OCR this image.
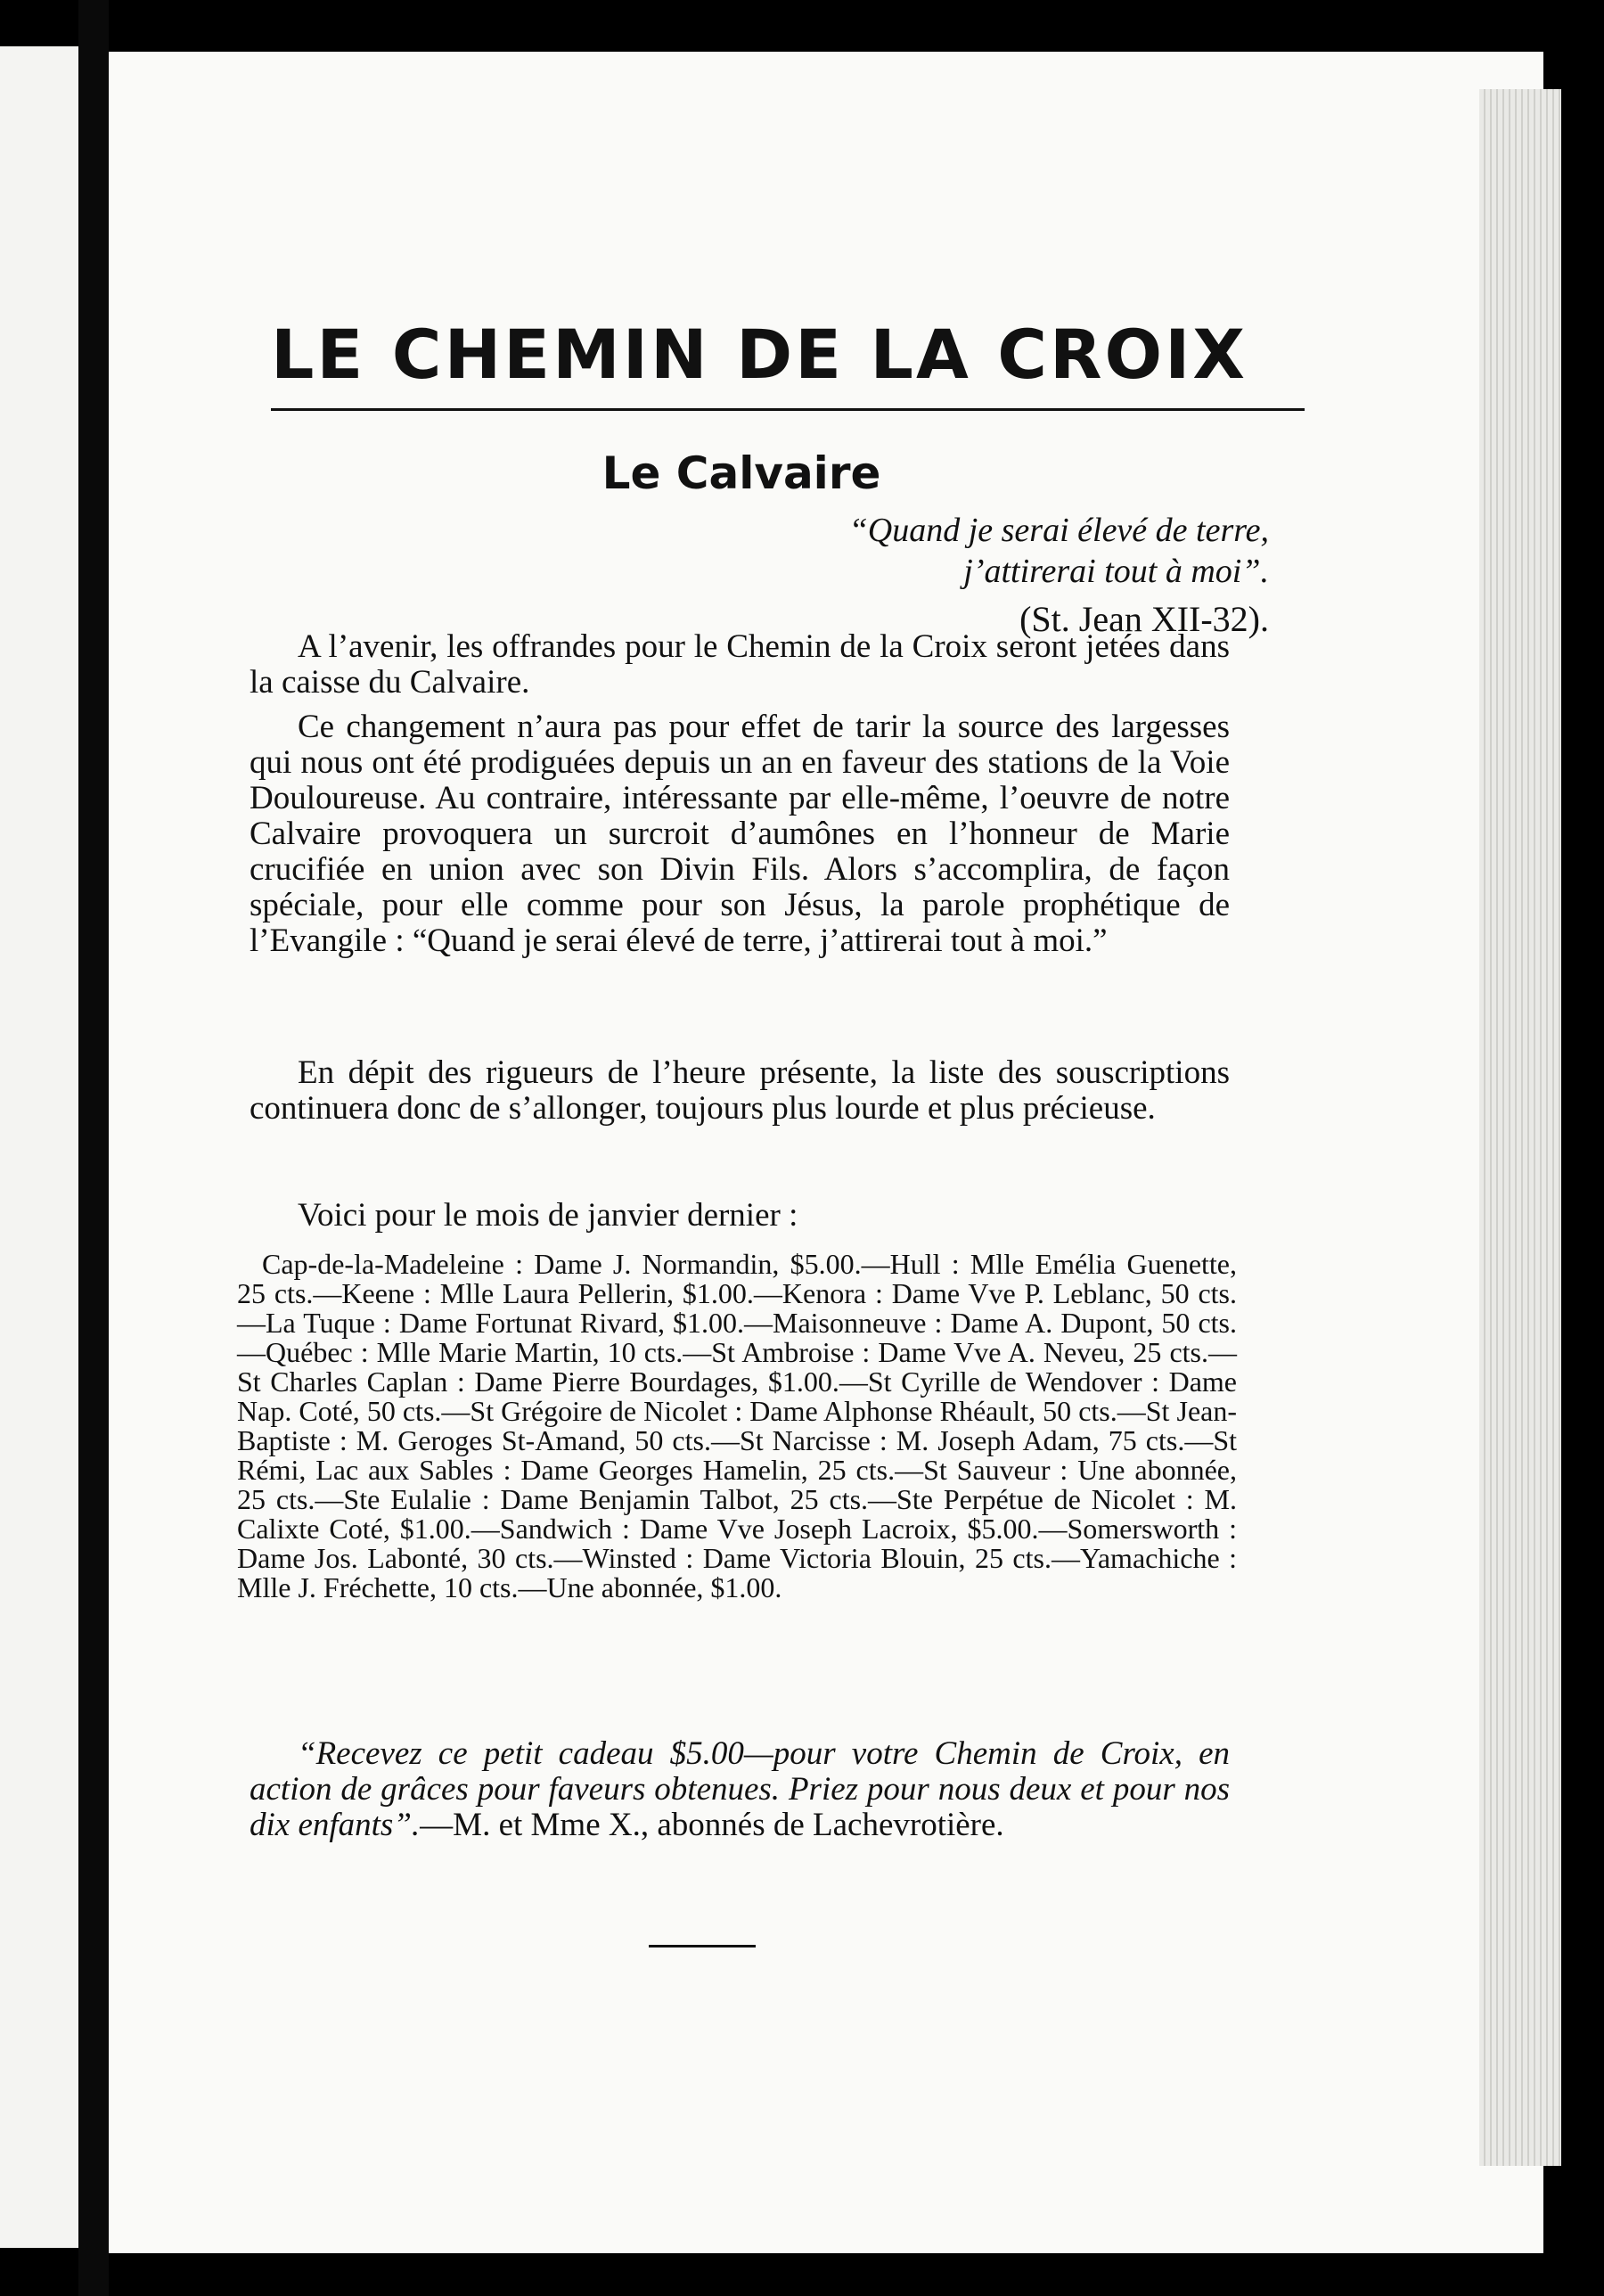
LE CHEMIN DE LA CROIX
Le Calvaire
“Quand je serai élevé de terre,
j’attirerai tout à moi”.
(St. Jean XII-32).

A l’avenir, les offrandes pour le Chemin de la Croix seront jetées dans la caisse du Calvaire.

Ce changement n’aura pas pour effet de tarir la source des largesses qui nous ont été prodiguées depuis un an en faveur des stations de la Voie Douloureuse. Au contraire, intéressante par elle-même, l’oeuvre de notre Calvaire provoquera un surcroit d’aumônes en l’honneur de Marie crucifiée en union avec son Divin Fils. Alors s’accomplira, de façon spéciale, pour elle comme pour son Jésus, la parole prophétique de l’Evangile : “Quand je serai élevé de terre, j’attirerai tout à moi.”

En dépit des rigueurs de l’heure présente, la liste des souscriptions continuera donc de s’allonger, toujours plus lourde et plus précieuse.

Voici pour le mois de janvier dernier :

Cap-de-la-Madeleine : Dame J. Normandin, $5.00.—Hull : Mlle Emélia Guenette, 25 cts.—Keene : Mlle Laura Pellerin, $1.00.—Kenora : Dame Vve P. Leblanc, 50 cts.—La Tuque : Dame Fortunat Rivard, $1.00.—Maisonneuve : Dame A. Dupont, 50 cts.—Québec : Mlle Marie Martin, 10 cts.—St Ambroise : Dame Vve A. Neveu, 25 cts.—St Charles Caplan : Dame Pierre Bourdages, $1.00.—St Cyrille de Wendover : Dame Nap. Coté, 50 cts.—St Grégoire de Nicolet : Dame Alphonse Rhéault, 50 cts.—St Jean-Baptiste : M. Geroges St-Amand, 50 cts.—St Narcisse : M. Joseph Adam, 75 cts.—St Rémi, Lac aux Sables : Dame Georges Hamelin, 25 cts.—St Sauveur : Une abonnée, 25 cts.—Ste Eulalie : Dame Benjamin Talbot, 25 cts.—Ste Perpétue de Nicolet : M. Calixte Coté, $1.00.—Sandwich : Dame Vve Joseph Lacroix, $5.00.—Somersworth : Dame Jos. Labonté, 30 cts.—Winsted : Dame Victoria Blouin, 25 cts.—Yamachiche : Mlle J. Fréchette, 10 cts.—Une abonnée, $1.00.

“Recevez ce petit cadeau $5.00—pour votre Chemin de Croix, en action de grâces pour faveurs obtenues. Priez pour nous deux et pour nos dix enfants”.—M. et Mme X., abonnés de Lachevrotière.
